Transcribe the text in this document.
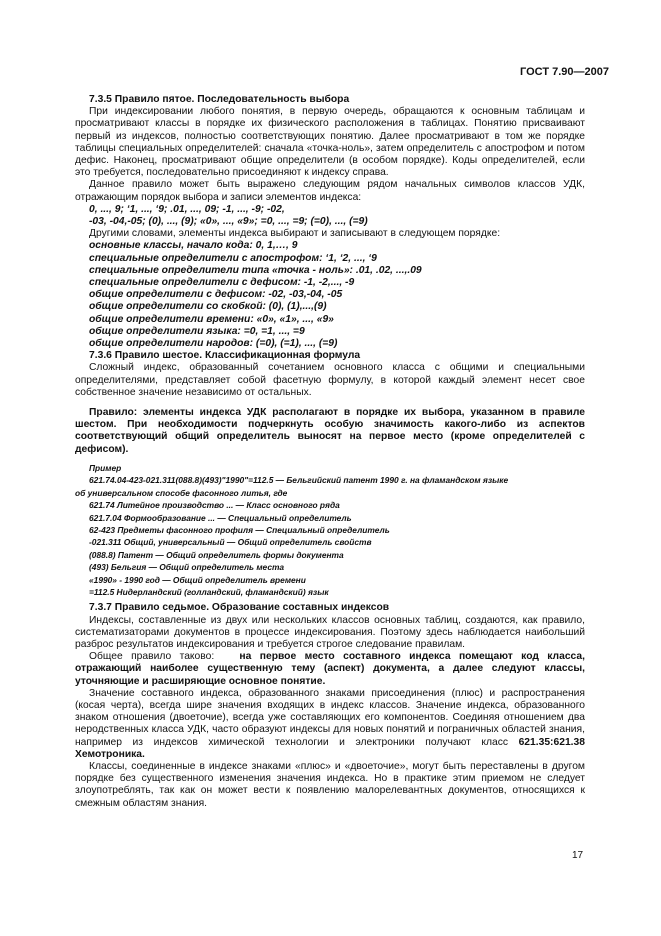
ГОСТ 7.90—2007

7.3.5 Правило пятое. Последовательность выбора

При индексировании любого понятия, в первую очередь, обращаются к основным таблицам и просматривают классы в порядке их физического расположения в таблицах. Понятию присваивают первый из индексов, полностью соответствующих понятию. Далее просматривают в том же порядке таблицы специальных определителей: сначала «точка-ноль», затем определитель с апострофом и потом дефис. Наконец, просматривают общие определители (в особом порядке). Коды определителей, если это требуется, последовательно присоединяют к индексу справа.

Данное правило может быть выражено следующим рядом начальных символов классов УДК, отражающим порядок выбора и записи элементов индекса:

0, ..., 9; ‘1, ..., ‘9; .01, ..., 09; -1, ..., -9; -02,

-03, -04,-05; (0), ..., (9); «0», ..., «9»; =0, ..., =9; (=0), ..., (=9)

Другими словами, элементы индекса выбирают и записывают в следующем порядке:

основные классы, начало кода: 0, 1,…, 9

специальные определители с апострофом: ‘1, ‘2, ..., ‘9

специальные определители типа «точка - ноль»: .01, .02, ...,.09

специальные определители с дефисом: -1, -2,..., -9

общие определители с дефисом: -02, -03,-04, -05

общие определители со скобкой: (0), (1),...,(9)

общие определители времени: «0», «1», ..., «9»

общие определители языка: =0, =1, ..., =9

общие определители народов: (=0), (=1), ..., (=9)

7.3.6 Правило шестое. Классификационная формула

Сложный индекс, образованный сочетанием основного класса с общими и специальными определителями, представляет собой фасетную формулу, в которой каждый элемент несет свое собственное значение независимо от остальных.

Правило: элементы индекса УДК располагают в порядке их выбора, указанном в правиле шестом. При необходимости подчеркнуть особую значимость какого-либо из аспектов соответствующий общий определитель выносят на первое место (кроме определителей с дефисом).

Пример
621.74.04-423-021.311(088.8)(493)"1990"=112.5 — Бельгийский патент 1990 г. на фламандском языке
об универсальном способе фасонного литья, где
621.74 Литейное производство ... — Класс основного ряда
621.7.04 Формообразование ... — Специальный определитель
62-423 Предметы фасонного профиля — Специальный определитель
-021.311 Общий, универсальный — Общий определитель свойств
(088.8) Патент — Общий определитель формы документа
(493) Бельгия — Общий определитель места
«1990» - 1990 год — Общий определитель времени
=112.5 Нидерландский (голландский, фламандский) язык

7.3.7 Правило седьмое. Образование составных индексов

Индексы, составленные из двух или нескольких классов основных таблиц, создаются, как правило, систематизаторами документов в процессе индексирования. Поэтому здесь наблюдается наибольший разброс результатов индексирования и требуется строгое следование правилам.

Общее правило таково: на первое место составного индекса помещают код класса, отражающий наиболее существенную тему (аспект) документа, а далее следуют классы, уточняющие и расширяющие основное понятие.

Значение составного индекса, образованного знаками присоединения (плюс) и распространения (косая черта), всегда шире значения входящих в индекс классов. Значение индекса, образованного знаком отношения (двоеточие), всегда уже составляющих его компонентов. Соединяя отношением два неродственных класса УДК, часто образуют индексы для новых понятий и пограничных областей знания, например из индексов химической технологии и электроники получают класс 621.35:621.38 Хемотроника.

Классы, соединенные в индексе знаками «плюс» и «двоеточие», могут быть переставлены в другом порядке без существенного изменения значения индекса. Но в практике этим приемом не следует злоупотреблять, так как он может вести к появлению малорелевантных документов, относящихся к смежным областям знания.

17
